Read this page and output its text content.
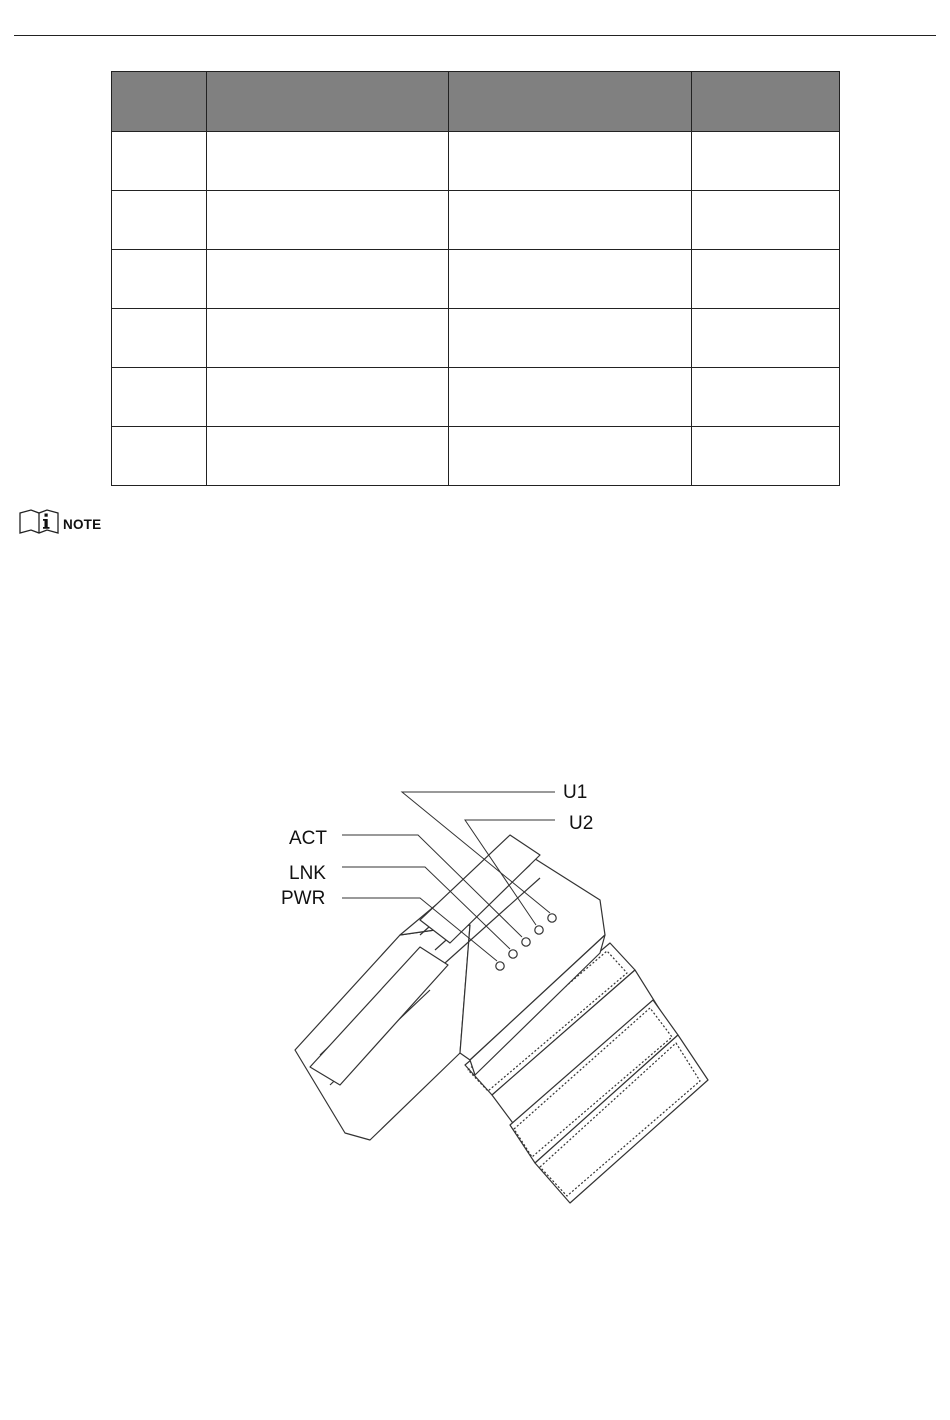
NOTE
U1
U2
ACT
LNK
PWR
